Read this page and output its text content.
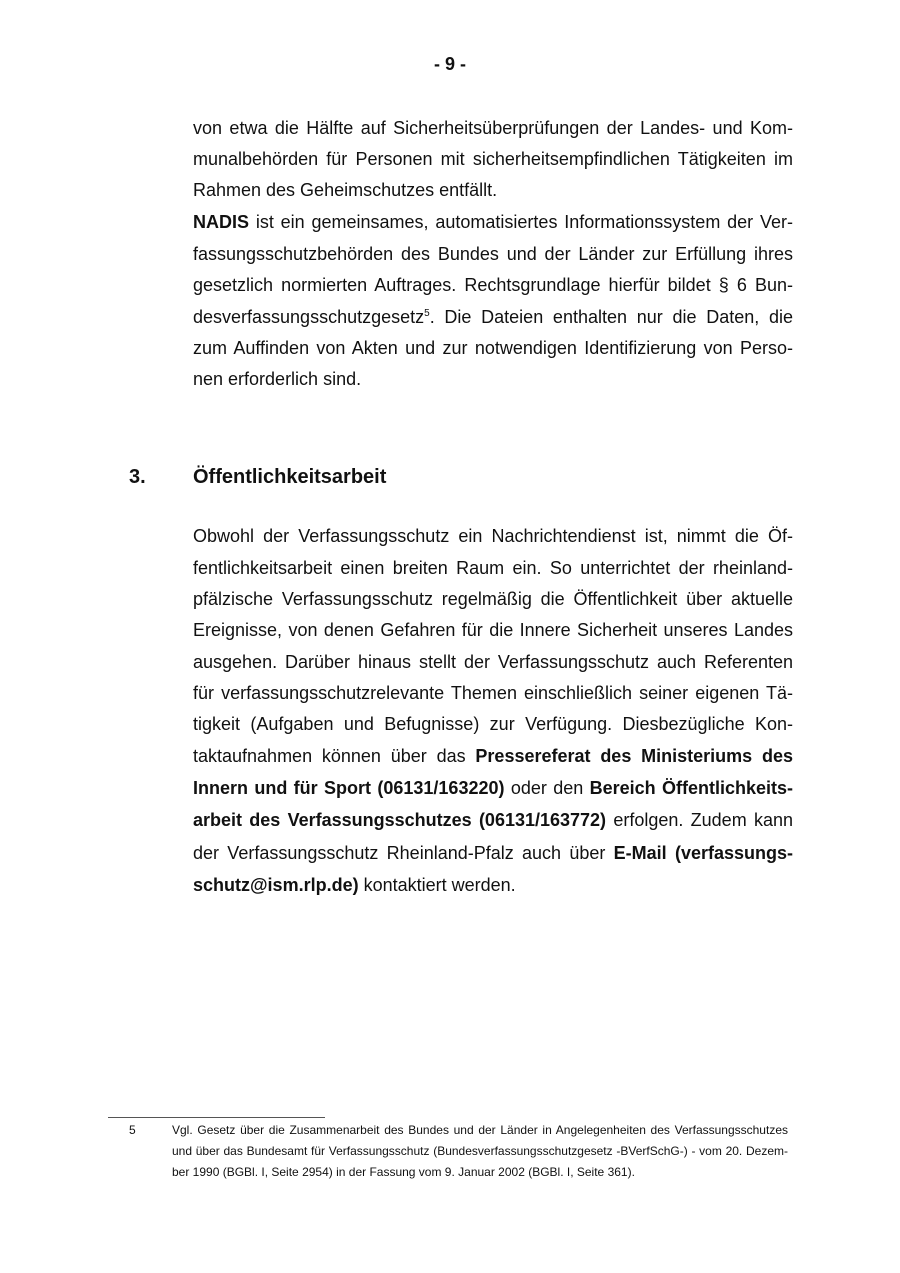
- 9 -
von etwa die Hälfte auf Sicherheitsüberprüfungen der Landes- und Kom-
munalbehörden für Personen mit sicherheitsempfindlichen Tätigkeiten im
Rahmen des Geheimschutzes entfällt.
NADIS ist ein gemeinsames, automatisiertes Informationssystem der Ver-
fassungsschutzbehörden des Bundes und der Länder zur Erfüllung ihres
gesetzlich normierten Auftrages. Rechtsgrundlage hierfür bildet § 6 Bun-
desverfassungsschutzgesetz$^5$. Die Dateien enthalten nur die Daten, die
zum Auffinden von Akten und zur notwendigen Identifizierung von Perso-
nen erforderlich sind.
3. Öffentlichkeitsarbeit
Obwohl der Verfassungsschutz ein Nachrichtendienst ist, nimmt die Öf-
fentlichkeitsarbeit einen breiten Raum ein. So unterrichtet der rheinland-
pfälzische Verfassungsschutz regelmäßig die Öffentlichkeit über aktuelle
Ereignisse, von denen Gefahren für die Innere Sicherheit unseres Landes
ausgehen. Darüber hinaus stellt der Verfassungsschutz auch Referenten
für verfassungsschutzrelevante Themen einschließlich seiner eigenen Tä-
tigkeit (Aufgaben und Befugnisse) zur Verfügung. Diesbezügliche Kon-
taktaufnahmen können über das Pressereferat des Ministeriums des
Innern und für Sport (06131/163220) oder den Bereich Öffentlichkeits-
arbeit des Verfassungsschutzes (06131/163772) erfolgen. Zudem kann
der Verfassungsschutz Rheinland-Pfalz auch über E-Mail (verfassungs-
schutz@ism.rlp.de) kontaktiert werden.
5	Vgl. Gesetz über die Zusammenarbeit des Bundes und der Länder in Angelegenheiten des Verfassungsschutzes
und über das Bundesamt für Verfassungsschutz (Bundesverfassungsschutzgesetz -BVerfSchG-) - vom 20. Dezem-
ber 1990 (BGBl. I, Seite 2954) in der Fassung vom 9. Januar 2002 (BGBl. I, Seite 361).
